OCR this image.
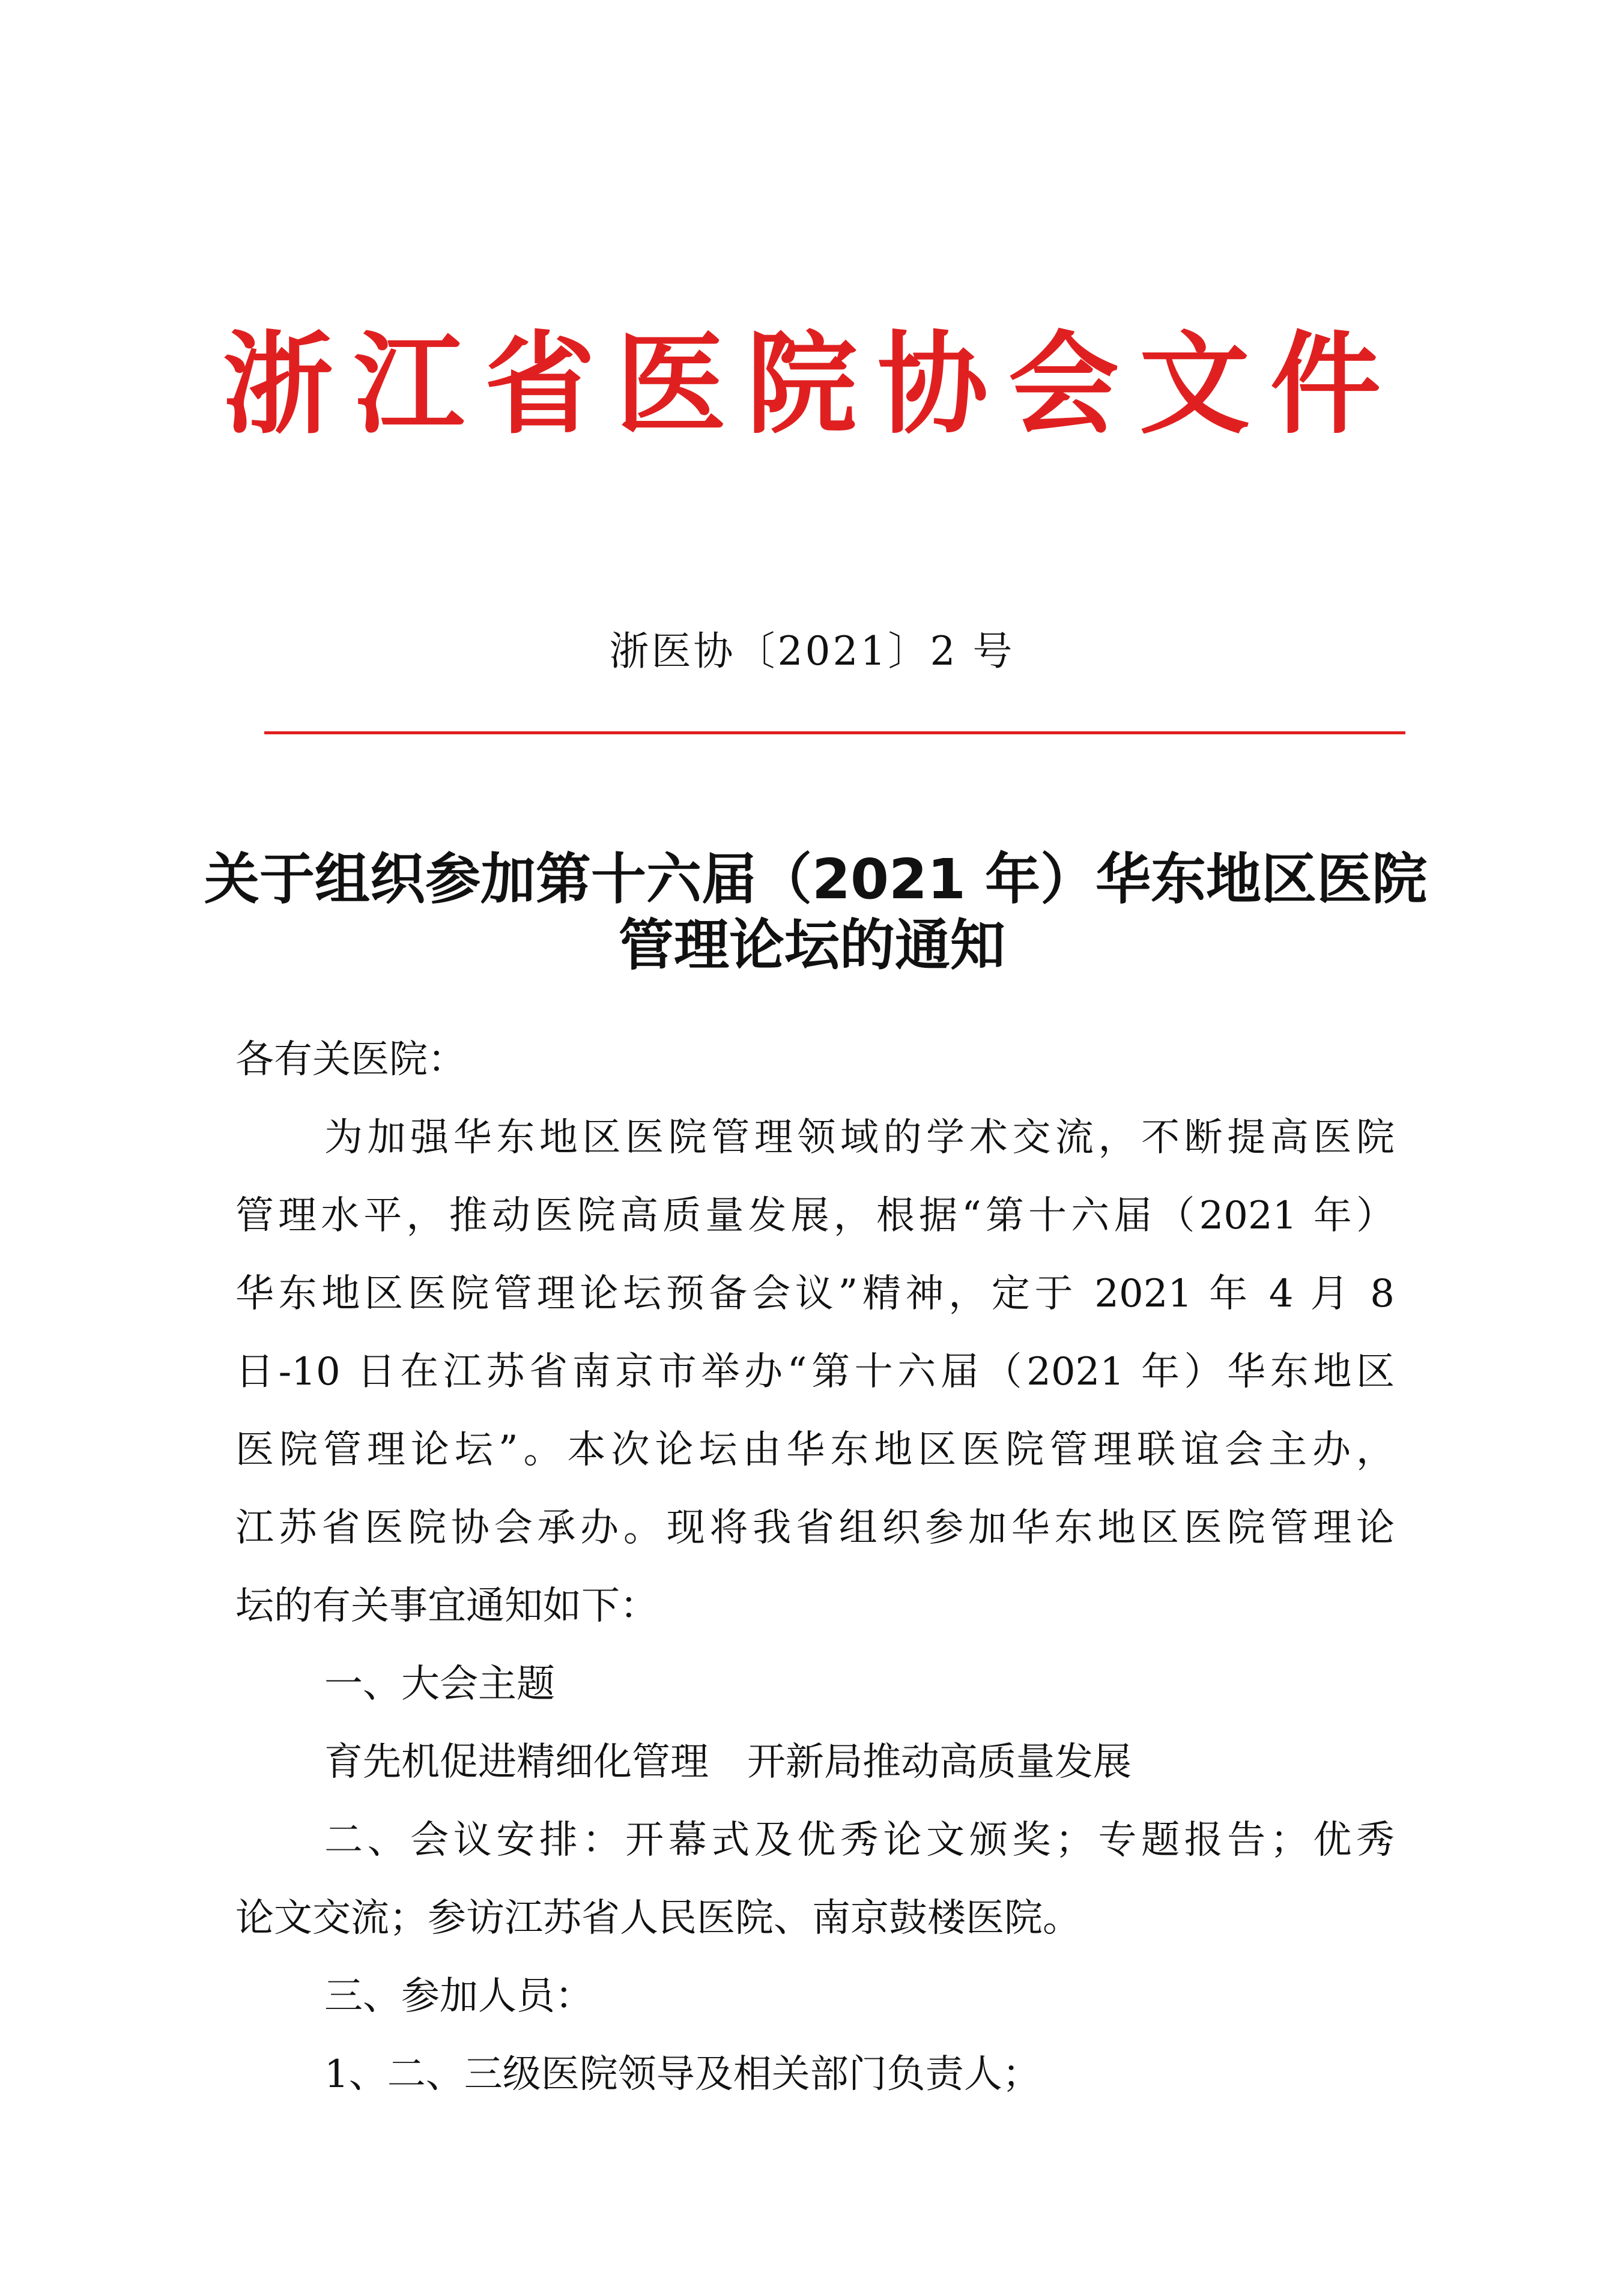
浙江省医院协会文件
浙医协〔2021〕2 号
关于组织参加第十六届（2021 年）华东地区医院
管理论坛的通知

各有关医院：

为加强华东地区医院管理领域的学术交流，不断提高医院

管理水平，推动医院高质量发展，根据“第十六届（2021 年）

华东地区医院管理论坛预备会议”精神，定于 2021 年 4 月 8

日-10 日在江苏省南京市举办“第十六届（2021 年）华东地区

医院管理论坛”。本次论坛由华东地区医院管理联谊会主办，

江苏省医院协会承办。现将我省组织参加华东地区医院管理论

坛的有关事宜通知如下：

一、大会主题

育先机促进精细化管理　开新局推动高质量发展

二、会议安排：开幕式及优秀论文颁奖；专题报告；优秀

论文交流；参访江苏省人民医院、南京鼓楼医院。

三、参加人员：

1、二、三级医院领导及相关部门负责人；
